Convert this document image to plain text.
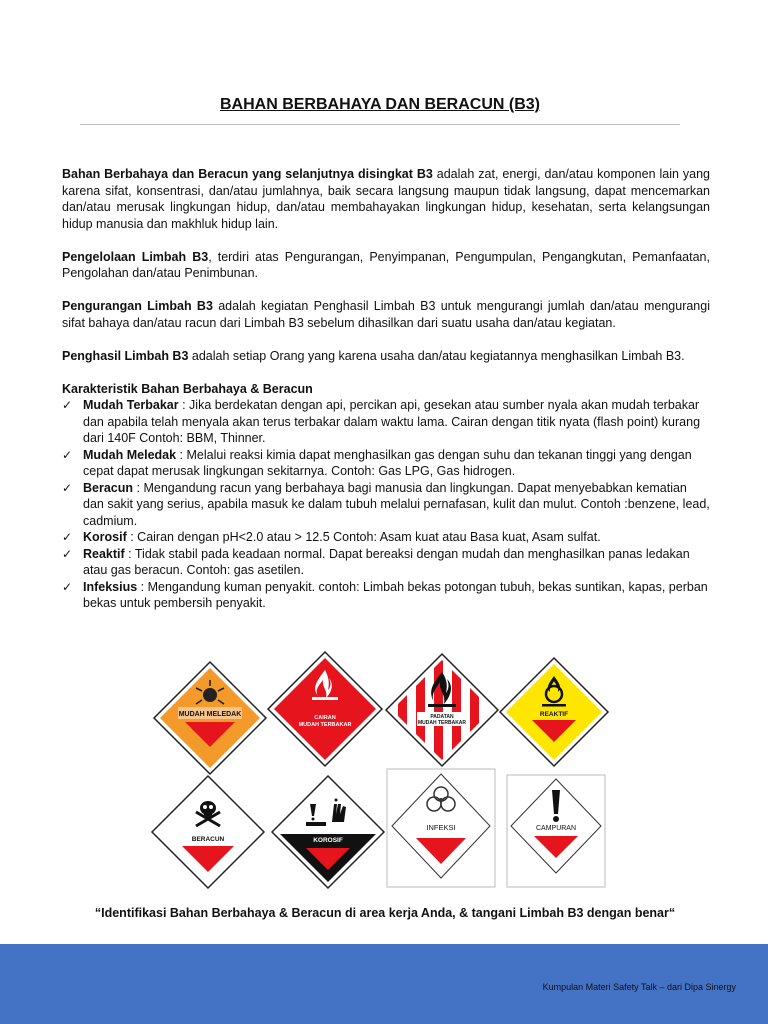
BAHAN BERBAHAYA DAN BERACUN (B3)

Bahan Berbahaya dan Beracun yang selanjutnya disingkat B3 adalah zat, energi, dan/atau komponen lain yang karena sifat, konsentrasi, dan/atau jumlahnya, baik secara langsung maupun tidak langsung, dapat mencemarkan dan/atau merusak lingkungan hidup, dan/atau membahayakan lingkungan hidup, kesehatan, serta kelangsungan hidup manusia dan makhluk hidup lain.

Pengelolaan Limbah B3, terdiri atas Pengurangan, Penyimpanan, Pengumpulan, Pengangkutan, Pemanfaatan, Pengolahan dan/atau Penimbunan.

Pengurangan Limbah B3 adalah kegiatan Penghasil Limbah B3 untuk mengurangi jumlah dan/atau mengurangi sifat bahaya dan/atau racun dari Limbah B3 sebelum dihasilkan dari suatu usaha dan/atau kegiatan.

Penghasil Limbah B3 adalah setiap Orang yang karena usaha dan/atau kegiatannya menghasilkan Limbah B3.

Karakteristik Bahan Berbahaya & Beracun
✓ Mudah Terbakar : Jika berdekatan dengan api, percikan api, gesekan atau sumber nyala akan mudah terbakar dan apabila telah menyala akan terus terbakar dalam waktu lama. Cairan dengan titik nyata (flash point) kurang dari 140F Contoh: BBM, Thinner.
✓ Mudah Meledak : Melalui reaksi kimia dapat menghasilkan gas dengan suhu dan tekanan tinggi yang dengan cepat dapat merusak lingkungan sekitarnya. Contoh: Gas LPG, Gas hidrogen.
✓ Beracun : Mengandung racun yang berbahaya bagi manusia dan lingkungan. Dapat menyebabkan kematian dan sakit yang serius, apabila masuk ke dalam tubuh melalui pernafasan, kulit dan mulut. Contoh :benzene, lead, cadmium.
✓ Korosif : Cairan dengan pH<2.0 atau > 12.5 Contoh: Asam kuat atau Basa kuat, Asam sulfat.
✓ Reaktif : Tidak stabil pada keadaan normal. Dapat bereaksi dengan mudah dan menghasilkan panas ledakan atau gas beracun. Contoh: gas asetilen.
✓ Infeksius : Mengandung kuman penyakit. contoh: Limbah bekas potongan tubuh, bekas suntikan, kapas, perban bekas untuk pembersih penyakit.
MUDAH MELEDAK	CAIRAN
MUDAH TERBAKAR
PADATAN
MUDAH TERBAKAR
REAKTIF
BERACUN	KOROSIF
INFEKSI	CAMPURAN

“Identifikasi Bahan Berbahaya & Beracun di area kerja Anda, & tangani Limbah B3 dengan benar“

Kumpulan Materi Safety Talk – dari Dipa Sinergy
